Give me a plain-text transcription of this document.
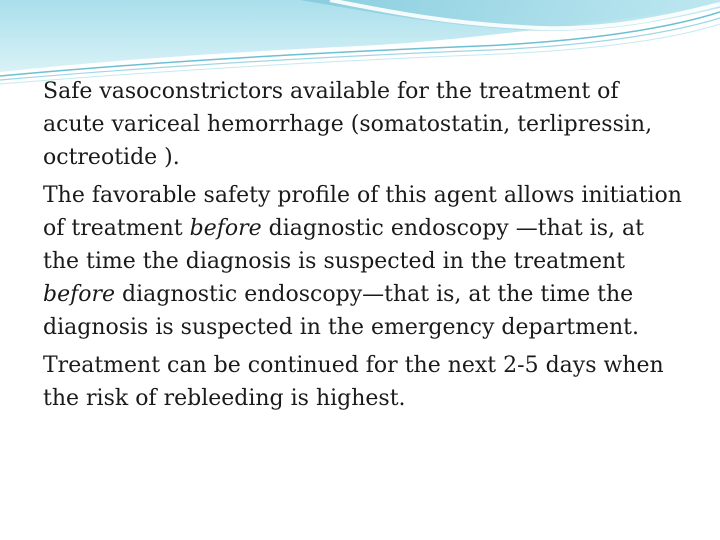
Safe vasoconstrictors available for the treatment of acute variceal hemorrhage (somatostatin, terlipressin, octreotide ).

The favorable safety profile of this agent allows initiation of treatment before diagnostic endoscopy —that is, at the time the diagnosis is suspected in the treatment before diagnostic endoscopy—that is, at the time the diagnosis is suspected in the emergency department.

Treatment can be continued for the next 2-5 days when the risk of rebleeding is highest.
